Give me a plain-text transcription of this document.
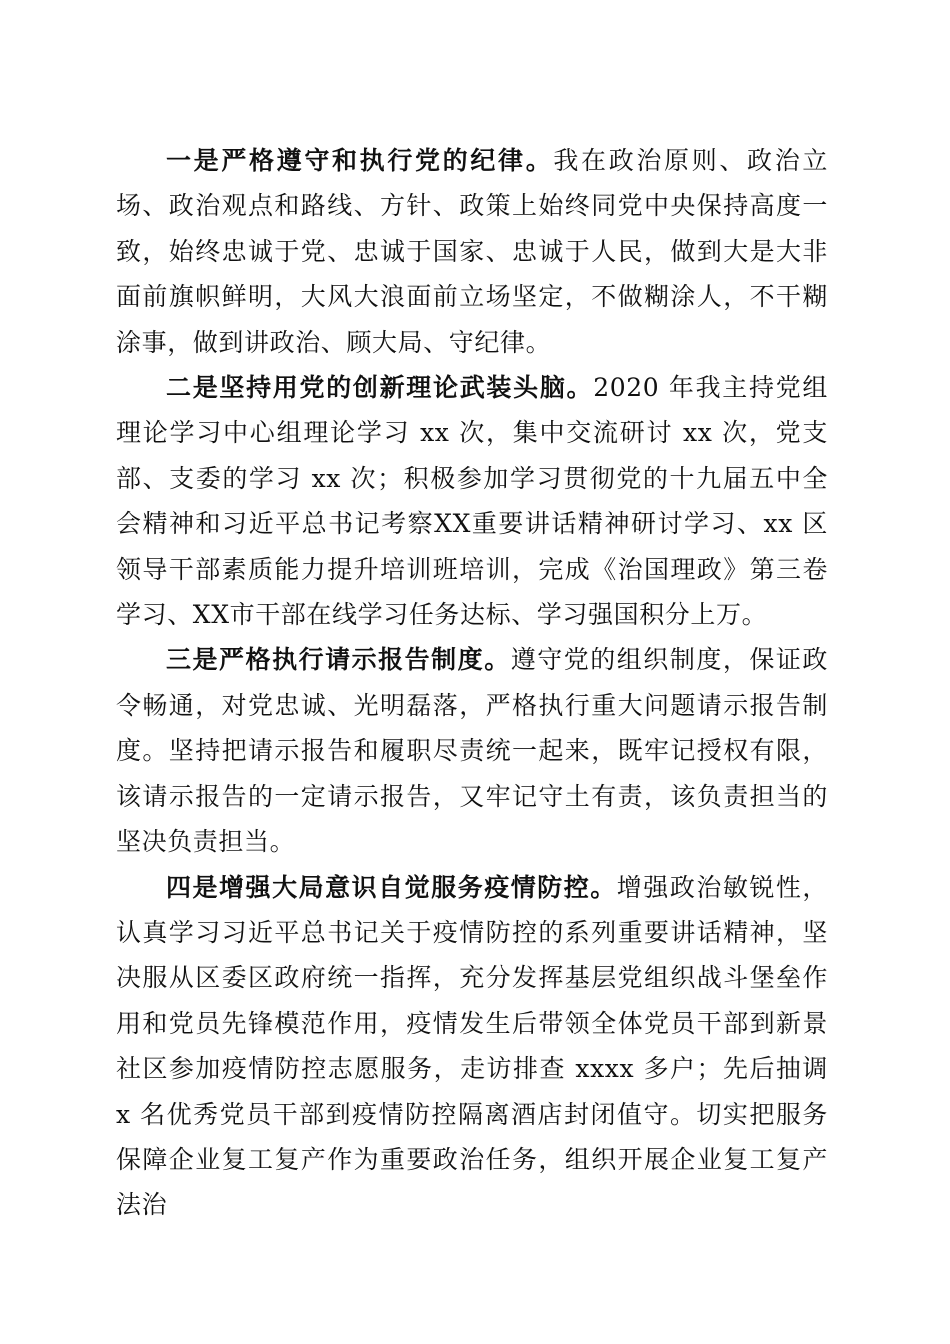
一是严格遵守和执行党的纪律。我在政治原则、政治立场、政治观点和路线、方针、政策上始终同党中央保持高度一致，始终忠诚于党、忠诚于国家、忠诚于人民，做到大是大非面前旗帜鲜明，大风大浪面前立场坚定，不做糊涂人，不干糊涂事，做到讲政治、顾大局、守纪律。

二是坚持用党的创新理论武装头脑。2020 年我主持党组理论学习中心组理论学习 xx 次，集中交流研讨 xx 次，党支部、支委的学习 xx 次；积极参加学习贯彻党的十九届五中全会精神和习近平总书记考察XX重要讲话精神研讨学习、xx 区领导干部素质能力提升培训班培训，完成《治国理政》第三卷学习、XX市干部在线学习任务达标、学习强国积分上万。

三是严格执行请示报告制度。遵守党的组织制度，保证政令畅通，对党忠诚、光明磊落，严格执行重大问题请示报告制度。坚持把请示报告和履职尽责统一起来，既牢记授权有限，该请示报告的一定请示报告，又牢记守土有责，该负责担当的坚决负责担当。

四是增强大局意识自觉服务疫情防控。增强政治敏锐性，认真学习习近平总书记关于疫情防控的系列重要讲话精神，坚决服从区委区政府统一指挥，充分发挥基层党组织战斗堡垒作用和党员先锋模范作用，疫情发生后带领全体党员干部到新景社区参加疫情防控志愿服务，走访排查 xxxx 多户；先后抽调 x 名优秀党员干部到疫情防控隔离酒店封闭值守。切实把服务保障企业复工复产作为重要政治任务，组织开展企业复工复产法治
